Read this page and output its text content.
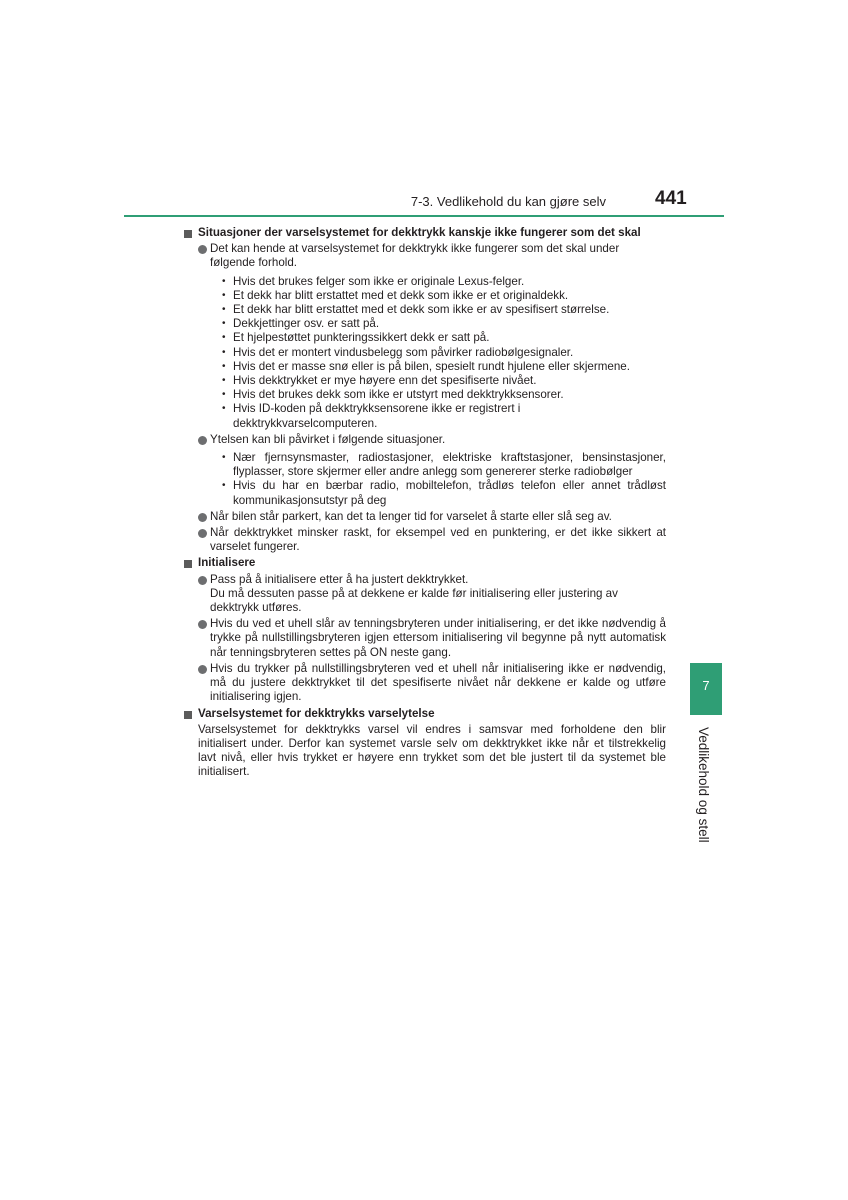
7-3. Vedlikehold du kan gjøre selv	441
Situasjoner der varselsystemet for dekktrykk kanskje ikke fungerer som det skal
Det kan hende at varselsystemet for dekktrykk ikke fungerer som det skal under følgende forhold.
• Hvis det brukes felger som ikke er originale Lexus-felger.
• Et dekk har blitt erstattet med et dekk som ikke er et originaldekk.
• Et dekk har blitt erstattet med et dekk som ikke er av spesifisert størrelse.
• Dekkjettinger osv. er satt på.
• Et hjelpestøttet punkteringssikkert dekk er satt på.
• Hvis det er montert vindusbelegg som påvirker radiobølgesignaler.
• Hvis det er masse snø eller is på bilen, spesielt rundt hjulene eller skjermene.
• Hvis dekktrykket er mye høyere enn det spesifiserte nivået.
• Hvis det brukes dekk som ikke er utstyrt med dekktrykksensorer.
• Hvis ID-koden på dekktrykksensorene ikke er registrert i dekktrykkvarselcomputeren.
Ytelsen kan bli påvirket i følgende situasjoner.
• Nær fjernsynsmaster, radiostasjoner, elektriske kraftstasjoner, bensinstasjoner, flyplasser, store skjermer eller andre anlegg som genererer sterke radiobølger
• Hvis du har en bærbar radio, mobiltelefon, trådløs telefon eller annet trådløst kommunikasjonsutstyr på deg
Når bilen står parkert, kan det ta lenger tid for varselet å starte eller slå seg av.
Når dekktrykket minsker raskt, for eksempel ved en punktering, er det ikke sikkert at varselet fungerer.
Initialisere
Pass på å initialisere etter å ha justert dekktrykket.
Du må dessuten passe på at dekkene er kalde før initialisering eller justering av dekktrykk utføres.
Hvis du ved et uhell slår av tenningsbryteren under initialisering, er det ikke nødvendig å trykke på nullstillingsbryteren igjen ettersom initialisering vil begynne på nytt automatisk når tenningsbryteren settes på ON neste gang.
Hvis du trykker på nullstillingsbryteren ved et uhell når initialisering ikke er nødvendig, må du justere dekktrykket til det spesifiserte nivået når dekkene er kalde og utføre initialisering igjen.
Varselsystemet for dekktrykks varselytelse
Varselsystemet for dekktrykks varsel vil endres i samsvar med forholdene den blir initialisert under. Derfor kan systemet varsle selv om dekktrykket ikke når et tilstrekkelig lavt nivå, eller hvis trykket er høyere enn trykket som det ble justert til da systemet ble initialisert.
7
Vedlikehold og stell
